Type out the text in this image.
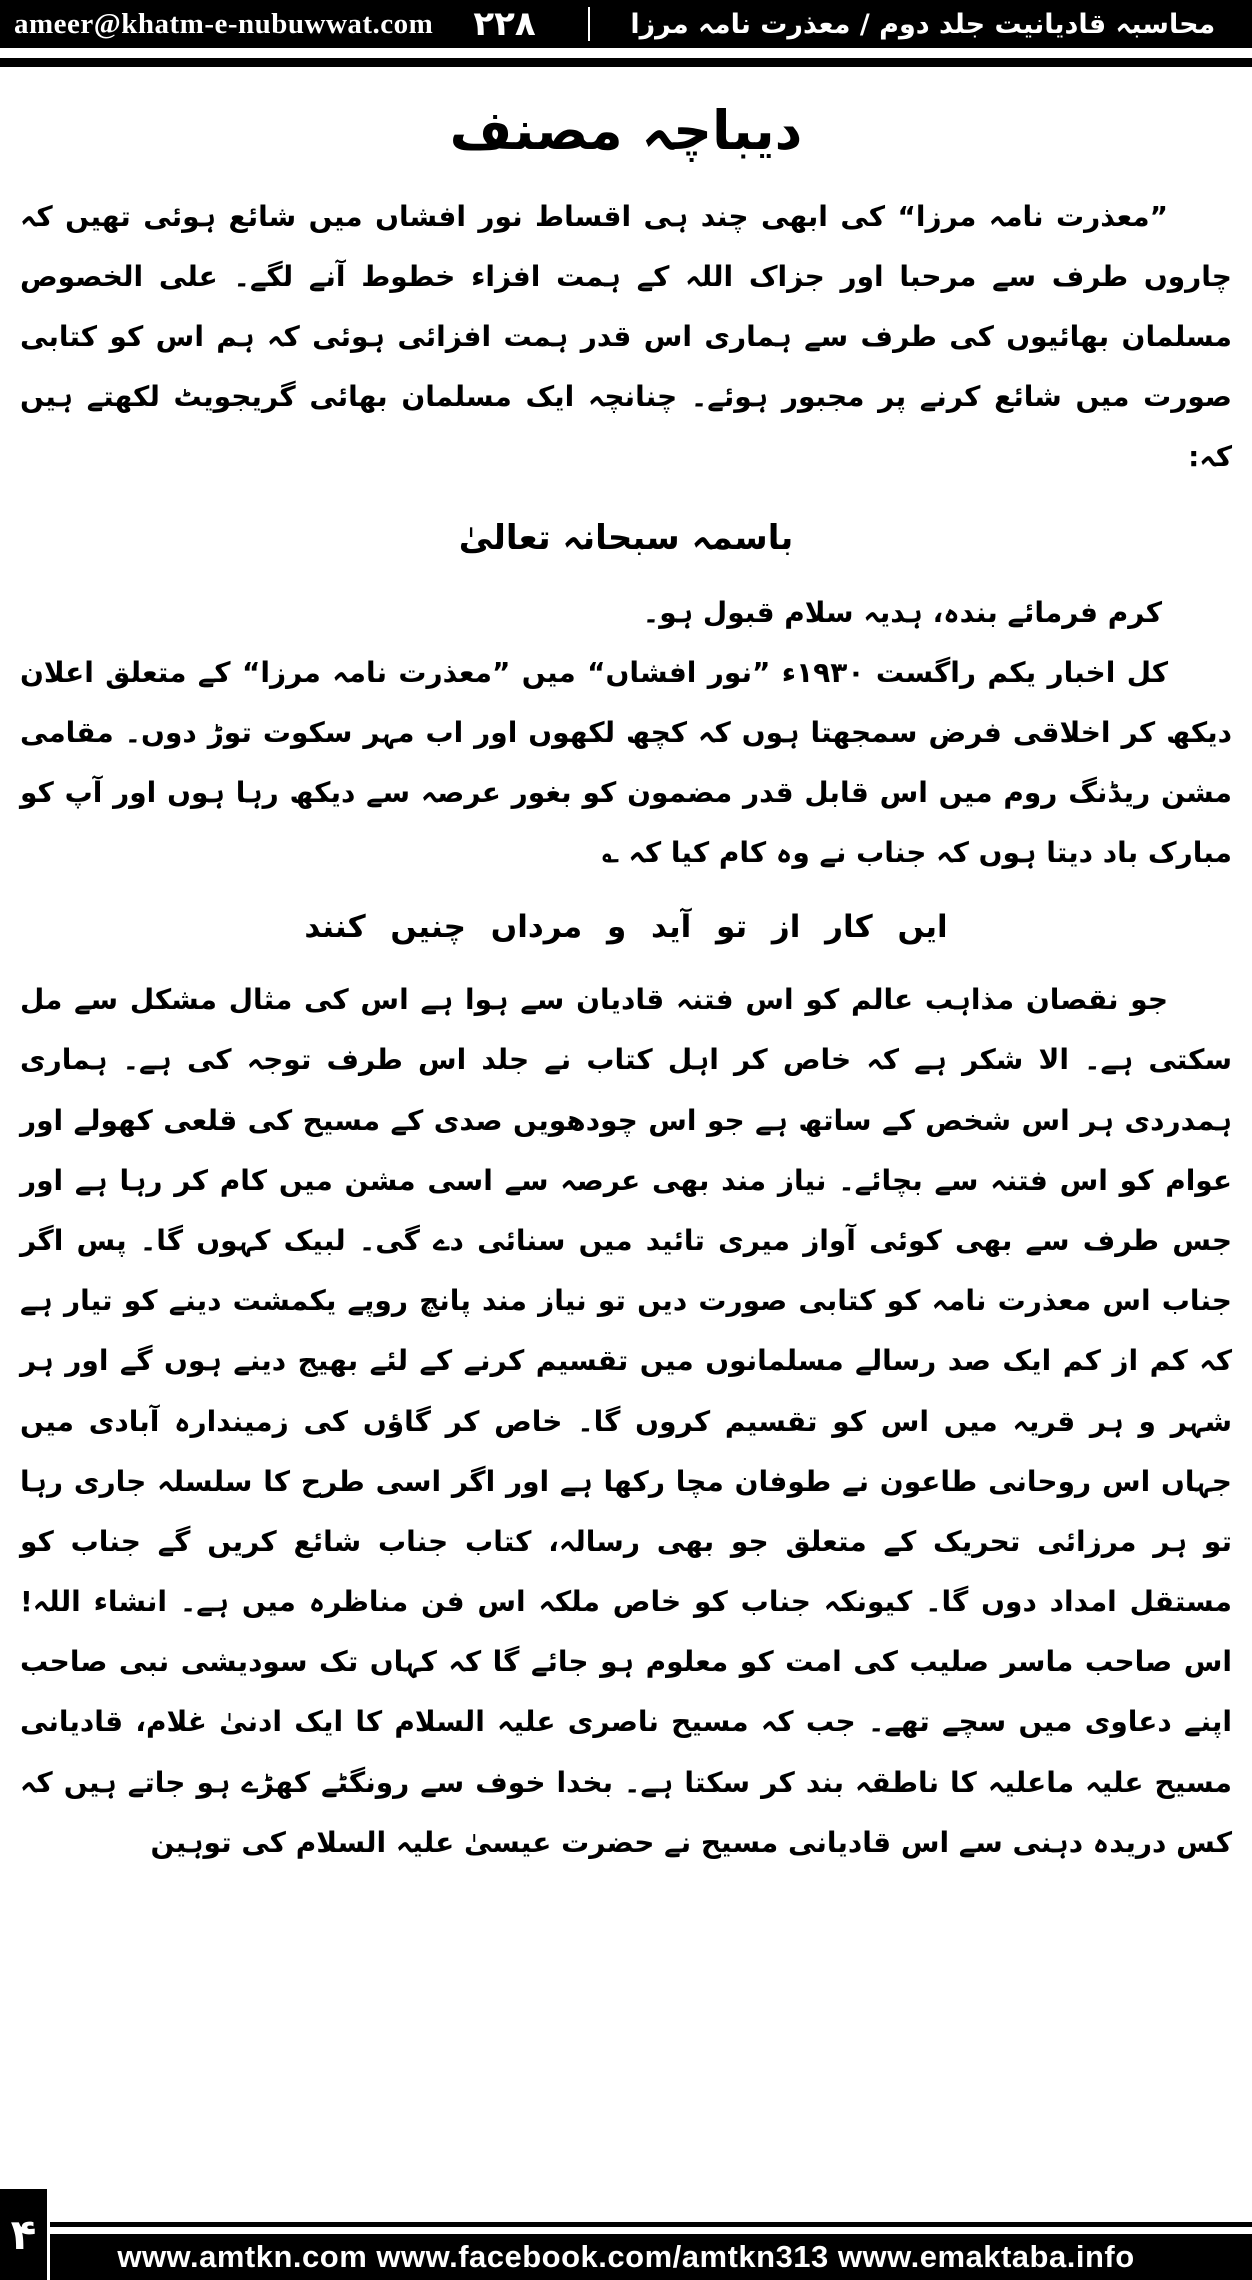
ameer@khatm-e-nubuwwat.com ۲۲۸	محاسبہ قادیانیت جلد دوم / معذرت نامہ مرزا
دیباچہ مصنف
”معذرت نامہ مرزا“ کی ابھی چند ہی اقساط نور افشاں میں شائع ہوئی تھیں کہ چاروں طرف سے مرحبا اور جزاک اللہ کے ہمت افزاء خطوط آنے لگے۔ علی الخصوص مسلمان بھائیوں کی طرف سے ہماری اس قدر ہمت افزائی ہوئی کہ ہم اس کو کتابی صورت میں شائع کرنے پر مجبور ہوئے۔ چنانچہ ایک مسلمان بھائی گریجویٹ لکھتے ہیں کہ:
باسمہ سبحانہ تعالیٰ
کرم فرمائے بندہ، ہدیہ سلام قبول ہو۔
کل اخبار یکم راگست ۱۹۳۰ء ”نور افشاں“ میں ”معذرت نامہ مرزا“ کے متعلق اعلان دیکھ کر اخلاقی فرض سمجھتا ہوں کہ کچھ لکھوں اور اب مہر سکوت توڑ دوں۔ مقامی مشن ریڈنگ روم میں اس قابل قدر مضمون کو بغور عرصہ سے دیکھ رہا ہوں اور آپ کو مبارک باد دیتا ہوں کہ جناب نے وہ کام کیا کہ ؎
ایں کار از تو آید و مرداں چنیں کنند
جو نقصان مذاہب عالم کو اس فتنہ قادیان سے ہوا ہے اس کی مثال مشکل سے مل سکتی ہے۔ الا شکر ہے کہ خاص کر اہل کتاب نے جلد اس طرف توجہ کی ہے۔ ہماری ہمدردی ہر اس شخص کے ساتھ ہے جو اس چودھویں صدی کے مسیح کی قلعی کھولے اور عوام کو اس فتنہ سے بچائے۔ نیاز مند بھی عرصہ سے اسی مشن میں کام کر رہا ہے اور جس طرف سے بھی کوئی آواز میری تائید میں سنائی دے گی۔ لبیک کہوں گا۔ پس اگر جناب اس معذرت نامہ کو کتابی صورت دیں تو نیاز مند پانچ روپے یکمشت دینے کو تیار ہے کہ کم از کم ایک صد رسالے مسلمانوں میں تقسیم کرنے کے لئے بھیج دینے ہوں گے اور ہر شہر و ہر قریہ میں اس کو تقسیم کروں گا۔ خاص کر گاؤں کی زمیندارہ آبادی میں جہاں اس روحانی طاعون نے طوفان مچا رکھا ہے اور اگر اسی طرح کا سلسلہ جاری رہا تو ہر مرزائی تحریک کے متعلق جو بھی رسالہ، کتاب جناب شائع کریں گے جناب کو مستقل امداد دوں گا۔ کیونکہ جناب کو خاص ملکہ اس فن مناظرہ میں ہے۔ انشاء اللہ! اس صاحب ماسر صلیب کی امت کو معلوم ہو جائے گا کہ کہاں تک سودیشی نبی صاحب اپنے دعاوی میں سچے تھے۔ جب کہ مسیح ناصری علیہ السلام کا ایک ادنیٰ غلام، قادیانی مسیح علیہ ماعلیہ کا ناطقہ بند کر سکتا ہے۔ بخدا خوف سے رونگٹے کھڑے ہو جاتے ہیں کہ کس دریدہ دہنی سے اس قادیانی مسیح نے حضرت عیسیٰ علیہ السلام کی توہین
www.amtkn.com www.facebook.com/amtkn313 www.emaktaba.info
۴
